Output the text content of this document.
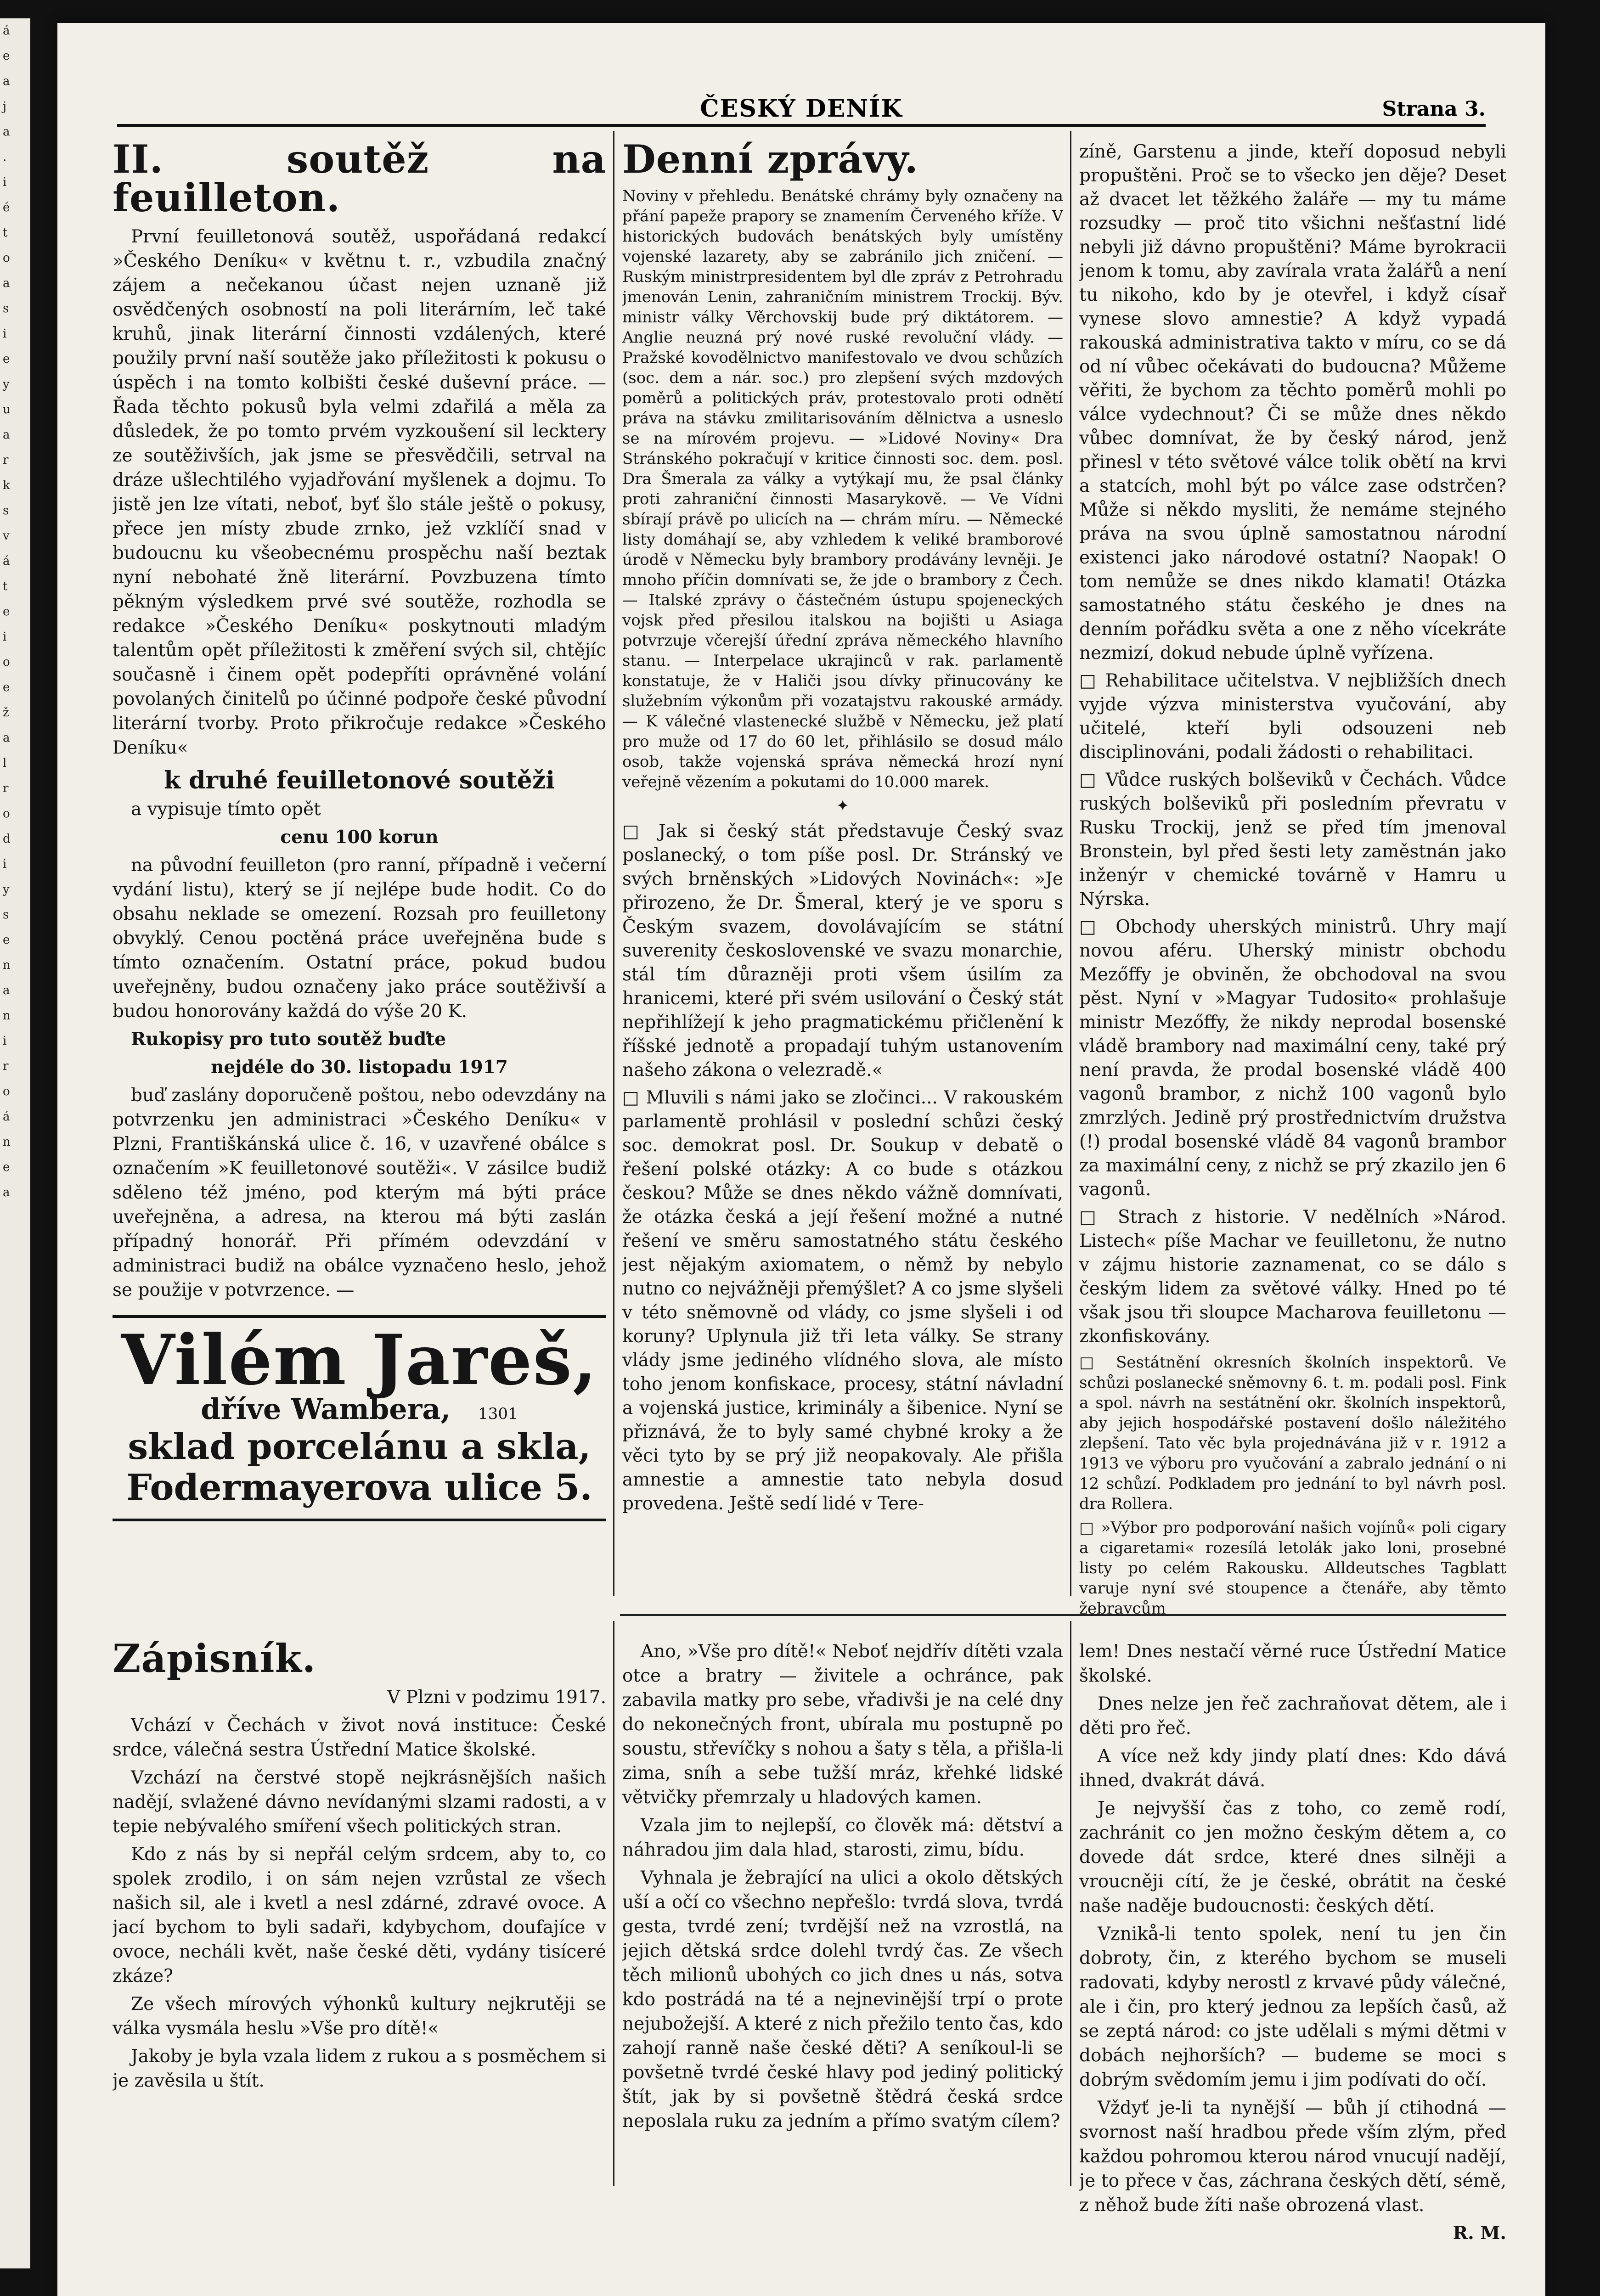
á
e
a
j
a
.
i
é
t
o
a
s
i
e
y
u
a
r
k
s
v
á
t
e
i
o
e
ž
a
l
r
o
d
i
y
s
e
n
a
n
i
r
o
á
n
e
a
ČESKÝ DENÍK	Strana 3.
II. soutěž na feuilleton.

První feuilletonová soutěž, uspořádaná redakcí »Českého Deníku« v květnu t. r., vzbudila značný zájem a nečekanou účast nejen uznaně již osvědčených osobností na poli literárním, leč také kruhů, jinak literární činnosti vzdálených, které použily první naší soutěže jako příležitosti k pokusu o úspěch i na tomto kolbišti české duševní práce. — Řada těchto pokusů byla velmi zdařilá a měla za důsledek, že po tomto prvém vyzkoušení sil lecktery ze soutěživších, jak jsme se přesvědčili, setrval na dráze ušlechtilého vyjadřování myšlenek a dojmu. To jistě jen lze vítati, neboť, byť šlo stále ještě o pokusy, přece jen místy zbude zrnko, jež vzklíčí snad v budoucnu ku všeobecnému prospěchu naší beztak nyní nebohaté žně literární. Povzbuzena tímto pěkným výsledkem prvé své soutěže, rozhodla se redakce »Českého Deníku« poskytnouti mladým talentům opět příležitosti k změření svých sil, chtějíc současně i činem opět podepříti oprávněné volání povolaných činitelů po účinné podpoře české původní literární tvorby. Proto přikročuje redakce »Českého Deníku«

k druhé feuilletonové soutěži

a vypisuje tímto opět

cenu 100 korun

na původní feuilleton (pro ranní, případně i večerní vydání listu), který se jí nejlépe bude hodit. Co do obsahu neklade se omezení. Rozsah pro feuilletony obvyklý. Cenou poctěná práce uveřejněna bude s tímto označením. Ostatní práce, pokud budou uveřejněny, budou označeny jako práce soutěživší a budou honorovány každá do výše 20 K.

Rukopisy pro tuto soutěž buďte

nejdéle do 30. listopadu 1917

buď zaslány doporučeně poštou, nebo odevzdány na potvrzenku jen administraci »Českého Deníku« v Plzni, Františkánská ulice č. 16, v uzavřené obálce s označením »K feuilletonové soutěži«. V zásilce budiž sděleno též jméno, pod kterým má býti práce uveřejněna, a adresa, na kterou má býti zaslán případný honorář. Při přímém odevzdání v administraci budiž na obálce vyznačeno heslo, jehož se použije v potvrzence. —

Vilém Jareš,
dříve Wambera, 1301
sklad porcelánu a skla,
Fodermayerova ulice 5.
Denní zprávy.

Noviny v přehledu. Benátské chrámy byly označeny na přání papeže prapory se znamením Červeného kříže. V historických budovách benátských byly umístěny vojenské lazarety, aby se zabránilo jich zničení. — Ruským ministrpresidentem byl dle zpráv z Petrohradu jmenován Lenin, zahraničním ministrem Trockij. Býv. ministr války Věrchovskij bude prý diktátorem. — Anglie neuzná prý nové ruské revoluční vlády. — Pražské kovodělnictvo manifestovalo ve dvou schůzích (soc. dem a nár. soc.) pro zlepšení svých mzdových poměrů a politických práv, protestovalo proti odnětí práva na stávku zmilitarisováním dělnictva a usneslo se na mírovém projevu. — »Lidové Noviny« Dra Stránského pokračují v kritice činnosti soc. dem. posl. Dra Šmerala za války a vytýkají mu, že psal články proti zahraniční činnosti Masarykově. — Ve Vídni sbírají právě po ulicích na — chrám míru. — Německé listy domáhají se, aby vzhledem k veliké bramborové úrodě v Německu byly brambory prodávány levněji. Je mnoho příčin domnívati se, že jde o brambory z Čech. — Italské zprávy o částečném ústupu spojeneckých vojsk před přesilou italskou na bojišti u Asiaga potvrzuje včerejší úřední zpráva německého hlavního stanu. — Interpelace ukrajinců v rak. parlamentě konstatuje, že v Haliči jsou dívky přinucovány ke služebním výkonům při vozatajstvu rakouské armády. — K válečné vlastenecké službě v Německu, jež platí pro muže od 17 do 60 let, přihlásilo se dosud málo osob, takže vojenská správa německá hrozí nyní veřejně vězením a pokutami do 10.000 marek.

✦

□ Jak si český stát představuje Český svaz poslanecký, o tom píše posl. Dr. Stránský ve svých brněnských »Lidových Novinách«: »Je přirozeno, že Dr. Šmeral, který je ve sporu s Českým svazem, dovolávajícím se státní suverenity československé ve svazu monarchie, stál tím důrazněji proti všem úsilím za hranicemi, které při svém usilování o Český stát nepřihlížejí k jeho pragmatickému přičlenění k říšské jednotě a propadají tuhým ustanovením našeho zákona o velezradě.«

□ Mluvili s námi jako se zločinci... V rakouském parlamentě prohlásil v poslední schůzi český soc. demokrat posl. Dr. Soukup v debatě o řešení polské otázky: A co bude s otázkou českou? Může se dnes někdo vážně domnívati, že otázka česká a její řešení možné a nutné řešení ve směru samostatného státu českého jest nějakým axiomatem, o němž by nebylo nutno co nejvážněji přemýšlet? A co jsme slyšeli v této sněmovně od vlády, co jsme slyšeli i od koruny? Uplynula již tři leta války. Se strany vlády jsme jediného vlídného slova, ale místo toho jenom konfiskace, procesy, státní návladní a vojenská justice, kriminály a šibenice. Nyní se přiznává, že to byly samé chybné kroky a že věci tyto by se prý již neopakovaly. Ale přišla amnestie a amnestie tato nebyla dosud provedena. Ještě sedí lidé v Tere-

zíně, Garstenu a jinde, kteří doposud nebyli propuštěni. Proč se to všecko jen děje? Deset až dvacet let těžkého žaláře — my tu máme rozsudky — proč tito všichni nešťastní lidé nebyli již dávno propuštěni? Máme byrokracii jenom k tomu, aby zavírala vrata žalářů a není tu nikoho, kdo by je otevřel, i když císař vynese slovo amnestie? A když vypadá rakouská administrativa takto v míru, co se dá od ní vůbec očekávati do budoucna? Můžeme věřiti, že bychom za těchto poměrů mohli po válce vydechnout? Či se může dnes někdo vůbec domnívat, že by český národ, jenž přinesl v této světové válce tolik obětí na krvi a statcích, mohl být po válce zase odstrčen? Může si někdo mysliti, že nemáme stejného práva na svou úplně samostatnou národní existenci jako národové ostatní? Naopak! O tom nemůže se dnes nikdo klamati! Otázka samostatného státu českého je dnes na denním pořádku světa a one z něho vícekráte nezmizí, dokud nebude úplně vyřízena.

□ Rehabilitace učitelstva. V nejbližších dnech vyjde výzva ministerstva vyučování, aby učitelé, kteří byli odsouzeni neb disciplinováni, podali žádosti o rehabilitaci.

□ Vůdce ruských bolševiků v Čechách. Vůdce ruských bolševiků při posledním převratu v Rusku Trockij, jenž se před tím jmenoval Bronstein, byl před šesti lety zaměstnán jako inženýr v chemické továrně v Hamru u Nýrska.

□ Obchody uherských ministrů. Uhry mají novou aféru. Uherský ministr obchodu Mezőffy je obviněn, že obchodoval na svou pěst. Nyní v »Magyar Tudosito« prohlašuje ministr Mezőffy, že nikdy neprodal bosenské vládě brambory nad maximální ceny, také prý není pravda, že prodal bosenské vládě 400 vagonů brambor, z nichž 100 vagonů bylo zmrzlých. Jedině prý prostřednictvím družstva (!) prodal bosenské vládě 84 vagonů brambor za maximální ceny, z nichž se prý zkazilo jen 6 vagonů.

□ Strach z historie. V nedělních »Národ. Listech« píše Machar ve feuilletonu, že nutno v zájmu historie zaznamenat, co se dálo s českým lidem za světové války. Hned po té však jsou tři sloupce Macharova feuilletonu — zkonfiskovány.

□ Sestátnění okresních školních inspektorů. Ve schůzi poslanecké sněmovny 6. t. m. podali posl. Fink a spol. návrh na sestátnění okr. školních inspektorů, aby jejich hospodářské postavení došlo náležitého zlepšení. Tato věc byla projednávána již v r. 1912 a 1913 ve výboru pro vyučování a zabralo jednání o ni 12 schůzí. Podkladem pro jednání to byl návrh posl. dra Rollera.

□ »Výbor pro podporování našich vojínů« poli cigary a cigaretami« rozesílá letolák jako loni, prosebné listy po celém Rakousku. Alldeutsches Tagblatt varuje nyní své stoupence a čtenáře, aby těmto žebravcům

Zápisník.

V Plzni v podzimu 1917.

Vchází v Čechách v život nová instituce: České srdce, válečná sestra Ústřední Matice školské.

Vzchází na čerstvé stopě nejkrásnějších našich nadějí, svlažené dávno nevídanými slzami radosti, a v tepie nebývalého smíření všech politických stran.

Kdo z nás by si nepřál celým srdcem, aby to, co spolek zrodilo, i on sám nejen vzrůstal ze všech našich sil, ale i kvetl a nesl zdárné, zdravé ovoce. A jací bychom to byli sadaři, kdybychom, doufajíce v ovoce, necháli květ, naše české děti, vydány tisíceré zkáze?

Ze všech mírových výhonků kultury nejkrutěji se válka vysmála heslu »Vše pro dítě!«

Jakoby je byla vzala lidem z rukou a s posměchem si je zavěsila u štít.

Ano, »Vše pro dítě!« Neboť nejdřív dítěti vzala otce a bratry — živitele a ochránce, pak zabavila matky pro sebe, vřadivši je na celé dny do nekonečných front, ubírala mu postupně po soustu, střevíčky s nohou a šaty s těla, a přišla-li zima, sníh a sebe tužší mráz, křehké lidské větvičky přemrzaly u hladových kamen.

Vzala jim to nejlepší, co člověk má: dětství a náhradou jim dala hlad, starosti, zimu, bídu.

Vyhnala je žebrající na ulici a okolo dětských uší a očí co všechno nepřešlo: tvrdá slova, tvrdá gesta, tvrdé zení; tvrdější než na vzrostlá, na jejich dětská srdce dolehl tvrdý čas. Ze všech těch milionů ubohých co jich dnes u nás, sotva kdo postrádá na té a nejnevinější trpí o prote nejubožejší. A které z nich přežilo tento čas, kdo zahojí ranně naše české děti? A seníkoul-li se povšetně tvrdé české hlavy pod jediný politický štít, jak by si povšetně štědrá česká srdce neposlala ruku za jedním a přímo svatým cílem?

lem! Dnes nestačí věrné ruce Ústřední Matice školské.

Dnes nelze jen řeč zachraňovat dětem, ale i děti pro řeč.

A více než kdy jindy platí dnes: Kdo dává ihned, dvakrát dává.

Je nejvyšší čas z toho, co země rodí, zachránit co jen možno českým dětem a, co dovede dát srdce, které dnes silněji a vroucněji cítí, že je české, obrátit na české naše naděje budoucnosti: českých dětí.

Vznikå-li tento spolek, není tu jen čin dobroty, čin, z kterého bychom se museli radovati, kdyby nerostl z krvavé půdy válečné, ale i čin, pro který jednou za lepších časů, až se zeptá národ: co jste udělali s mými dětmi v dobách nejhorších? — budeme se moci s dobrým svědomím jemu i jim podívati do očí.

Vždyť je-li ta nynější — bůh jí ctihodná — svornost naší hradbou přede vším zlým, před každou pohromou kterou národ vnucují nadějí, je to přece v čas, záchrana českých dětí, sémě, z něhož bude žíti naše obrozená vlast.

R. M.
